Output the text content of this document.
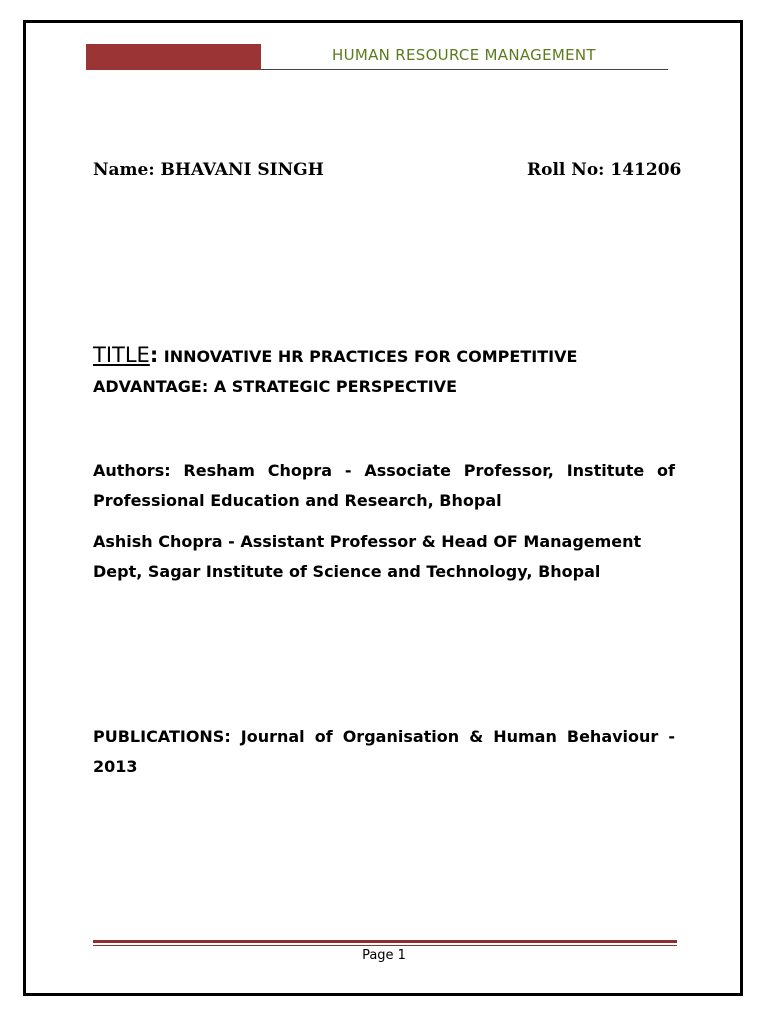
HUMAN RESOURCE MANAGEMENT
Name: BHAVANI SINGH	Roll No: 141206
TITLE: INNOVATIVE HR PRACTICES FOR COMPETITIVE ADVANTAGE: A STRATEGIC PERSPECTIVE
Authors: Resham Chopra - Associate Professor, Institute of Professional Education and Research, Bhopal
Ashish Chopra - Assistant Professor & Head OF Management Dept, Sagar Institute of Science and Technology, Bhopal
PUBLICATIONS: Journal of Organisation & Human Behaviour - 2013
Page 1
